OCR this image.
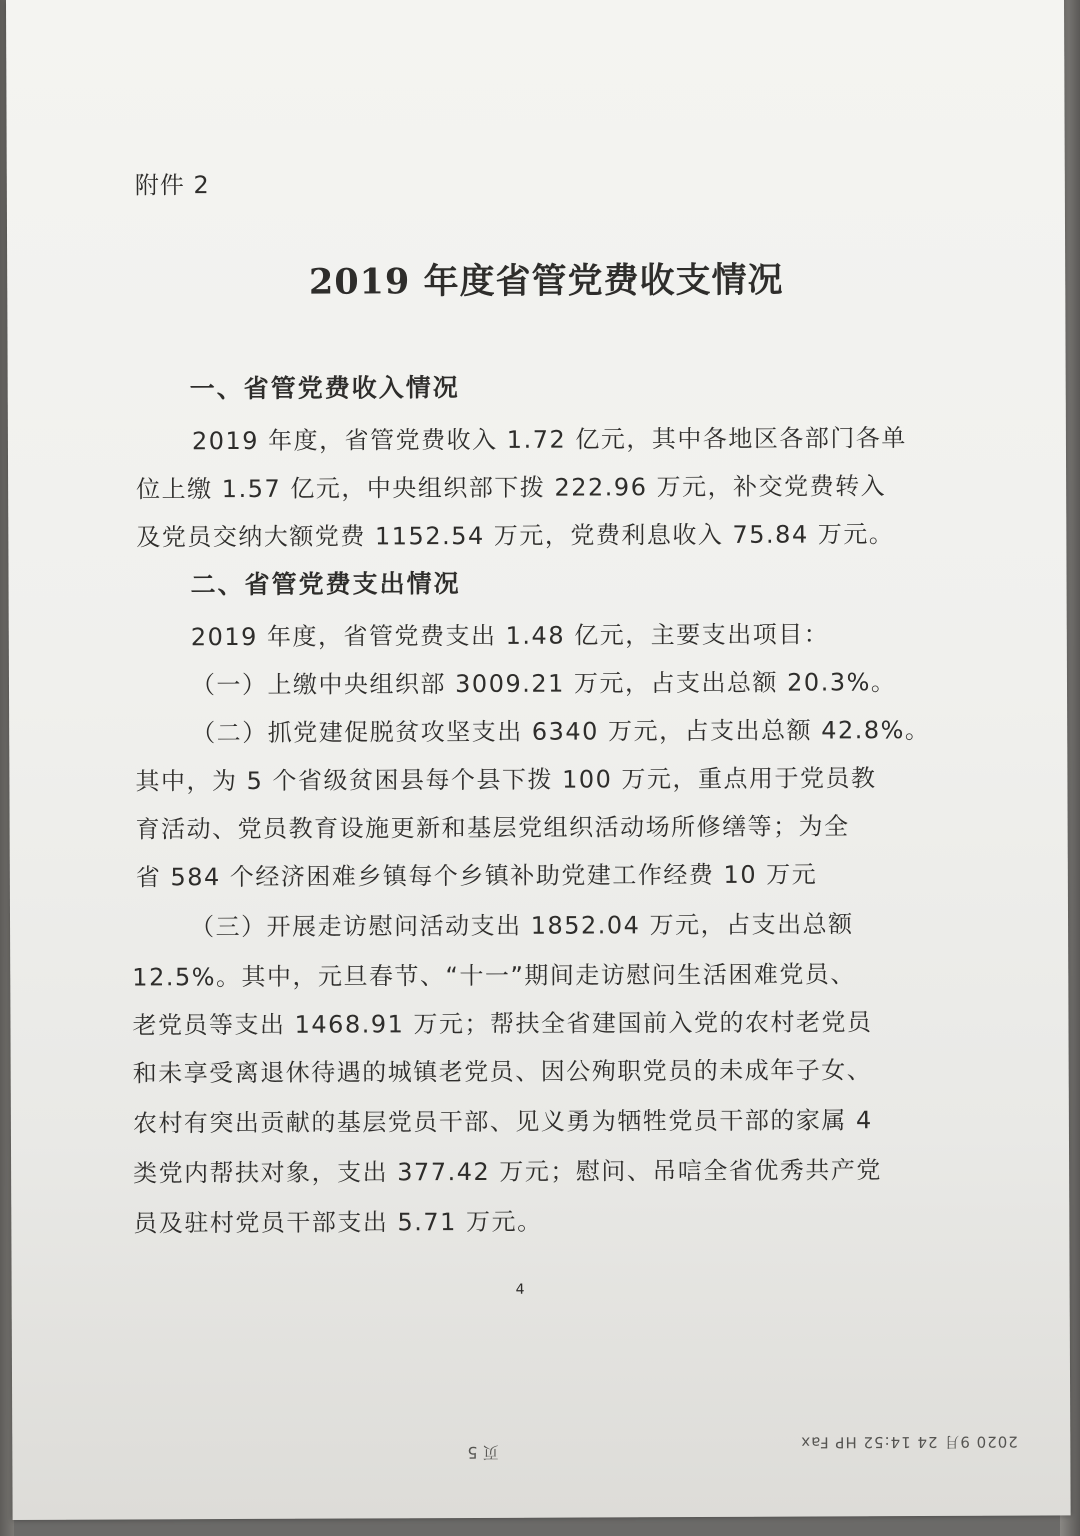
附件 2
2019 年度省管党费收支情况
一、省管党费收入情况
2019 年度，省管党费收入 1.72 亿元，其中各地区各部门各单
位上缴 1.57 亿元，中央组织部下拨 222.96 万元，补交党费转入
及党员交纳大额党费 1152.54 万元，党费利息收入 75.84 万元。
二、省管党费支出情况
2019 年度，省管党费支出 1.48 亿元，主要支出项目：
（一）上缴中央组织部 3009.21 万元，占支出总额 20.3%。
（二）抓党建促脱贫攻坚支出 6340 万元，占支出总额 42.8%。
其中，为 5 个省级贫困县每个县下拨 100 万元，重点用于党员教
育活动、党员教育设施更新和基层党组织活动场所修缮等；为全
省 584 个经济困难乡镇每个乡镇补助党建工作经费 10 万元
（三）开展走访慰问活动支出 1852.04 万元，占支出总额
12.5%。其中，元旦春节、“十一”期间走访慰问生活困难党员、
老党员等支出 1468.91 万元；帮扶全省建国前入党的农村老党员
和未享受离退休待遇的城镇老党员、因公殉职党员的未成年子女、
农村有突出贡献的基层党员干部、见义勇为牺牲党员干部的家属 4
类党内帮扶对象，支出 377.42 万元；慰问、吊唁全省优秀共产党
员及驻村党员干部支出 5.71 万元。
4
页 5
2020 9月 24 14:52 HP Fax
